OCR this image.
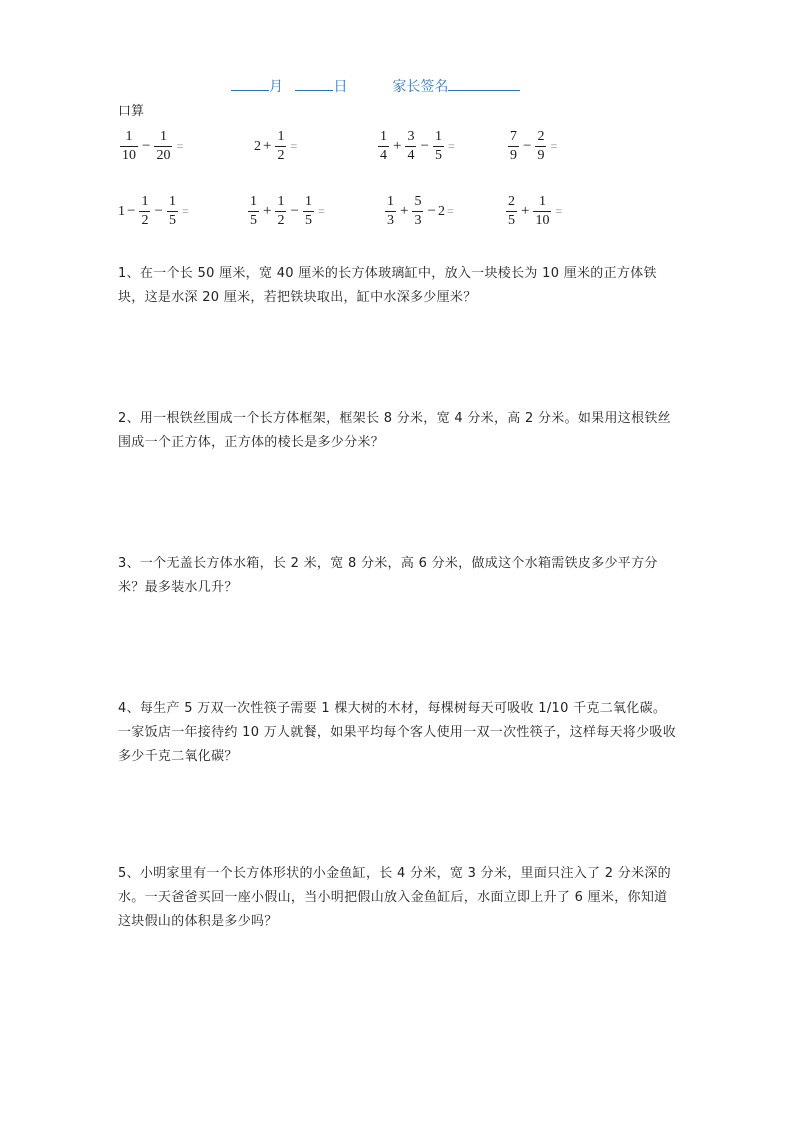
月	日	家长签名
口算
$\frac{1}{10} - \frac{1}{20}$ =	$2 + \frac{1}{2}$ =	$\frac{1}{4} + \frac{3}{4} - \frac{1}{5}$ =	$\frac{7}{9} - \frac{2}{9}$ =
$1 - \frac{1}{2} - \frac{1}{5}$ =	$\frac{1}{5} + \frac{1}{2} - \frac{1}{5}$ =	$\frac{1}{3} + \frac{5}{3} - 2$ =	$\frac{2}{5} + \frac{1}{10}$ =
1、在一个长 50 厘米，宽 40 厘米的长方体玻璃缸中，放入一块棱长为 10 厘米的正方体铁块，这是水深 20 厘米，若把铁块取出，缸中水深多少厘米？
2、用一根铁丝围成一个长方体框架，框架长 8 分米，宽 4 分米，高 2 分米。如果用这根铁丝围成一个正方体，正方体的棱长是多少分米？
3、一个无盖长方体水箱，长 2 米，宽 8 分米，高 6 分米，做成这个水箱需铁皮多少平方分米？最多装水几升？
4、每生产 5 万双一次性筷子需要 1 棵大树的木材，每棵树每天可吸收 1/10 千克二氧化碳。一家饭店一年接待约 10 万人就餐，如果平均每个客人使用一双一次性筷子，这样每天将少吸收多少千克二氧化碳？
5、小明家里有一个长方体形状的小金鱼缸，长 4 分米，宽 3 分米，里面只注入了 2 分米深的水。一天爸爸买回一座小假山，当小明把假山放入金鱼缸后，水面立即上升了 6 厘米，你知道这块假山的体积是多少吗？
